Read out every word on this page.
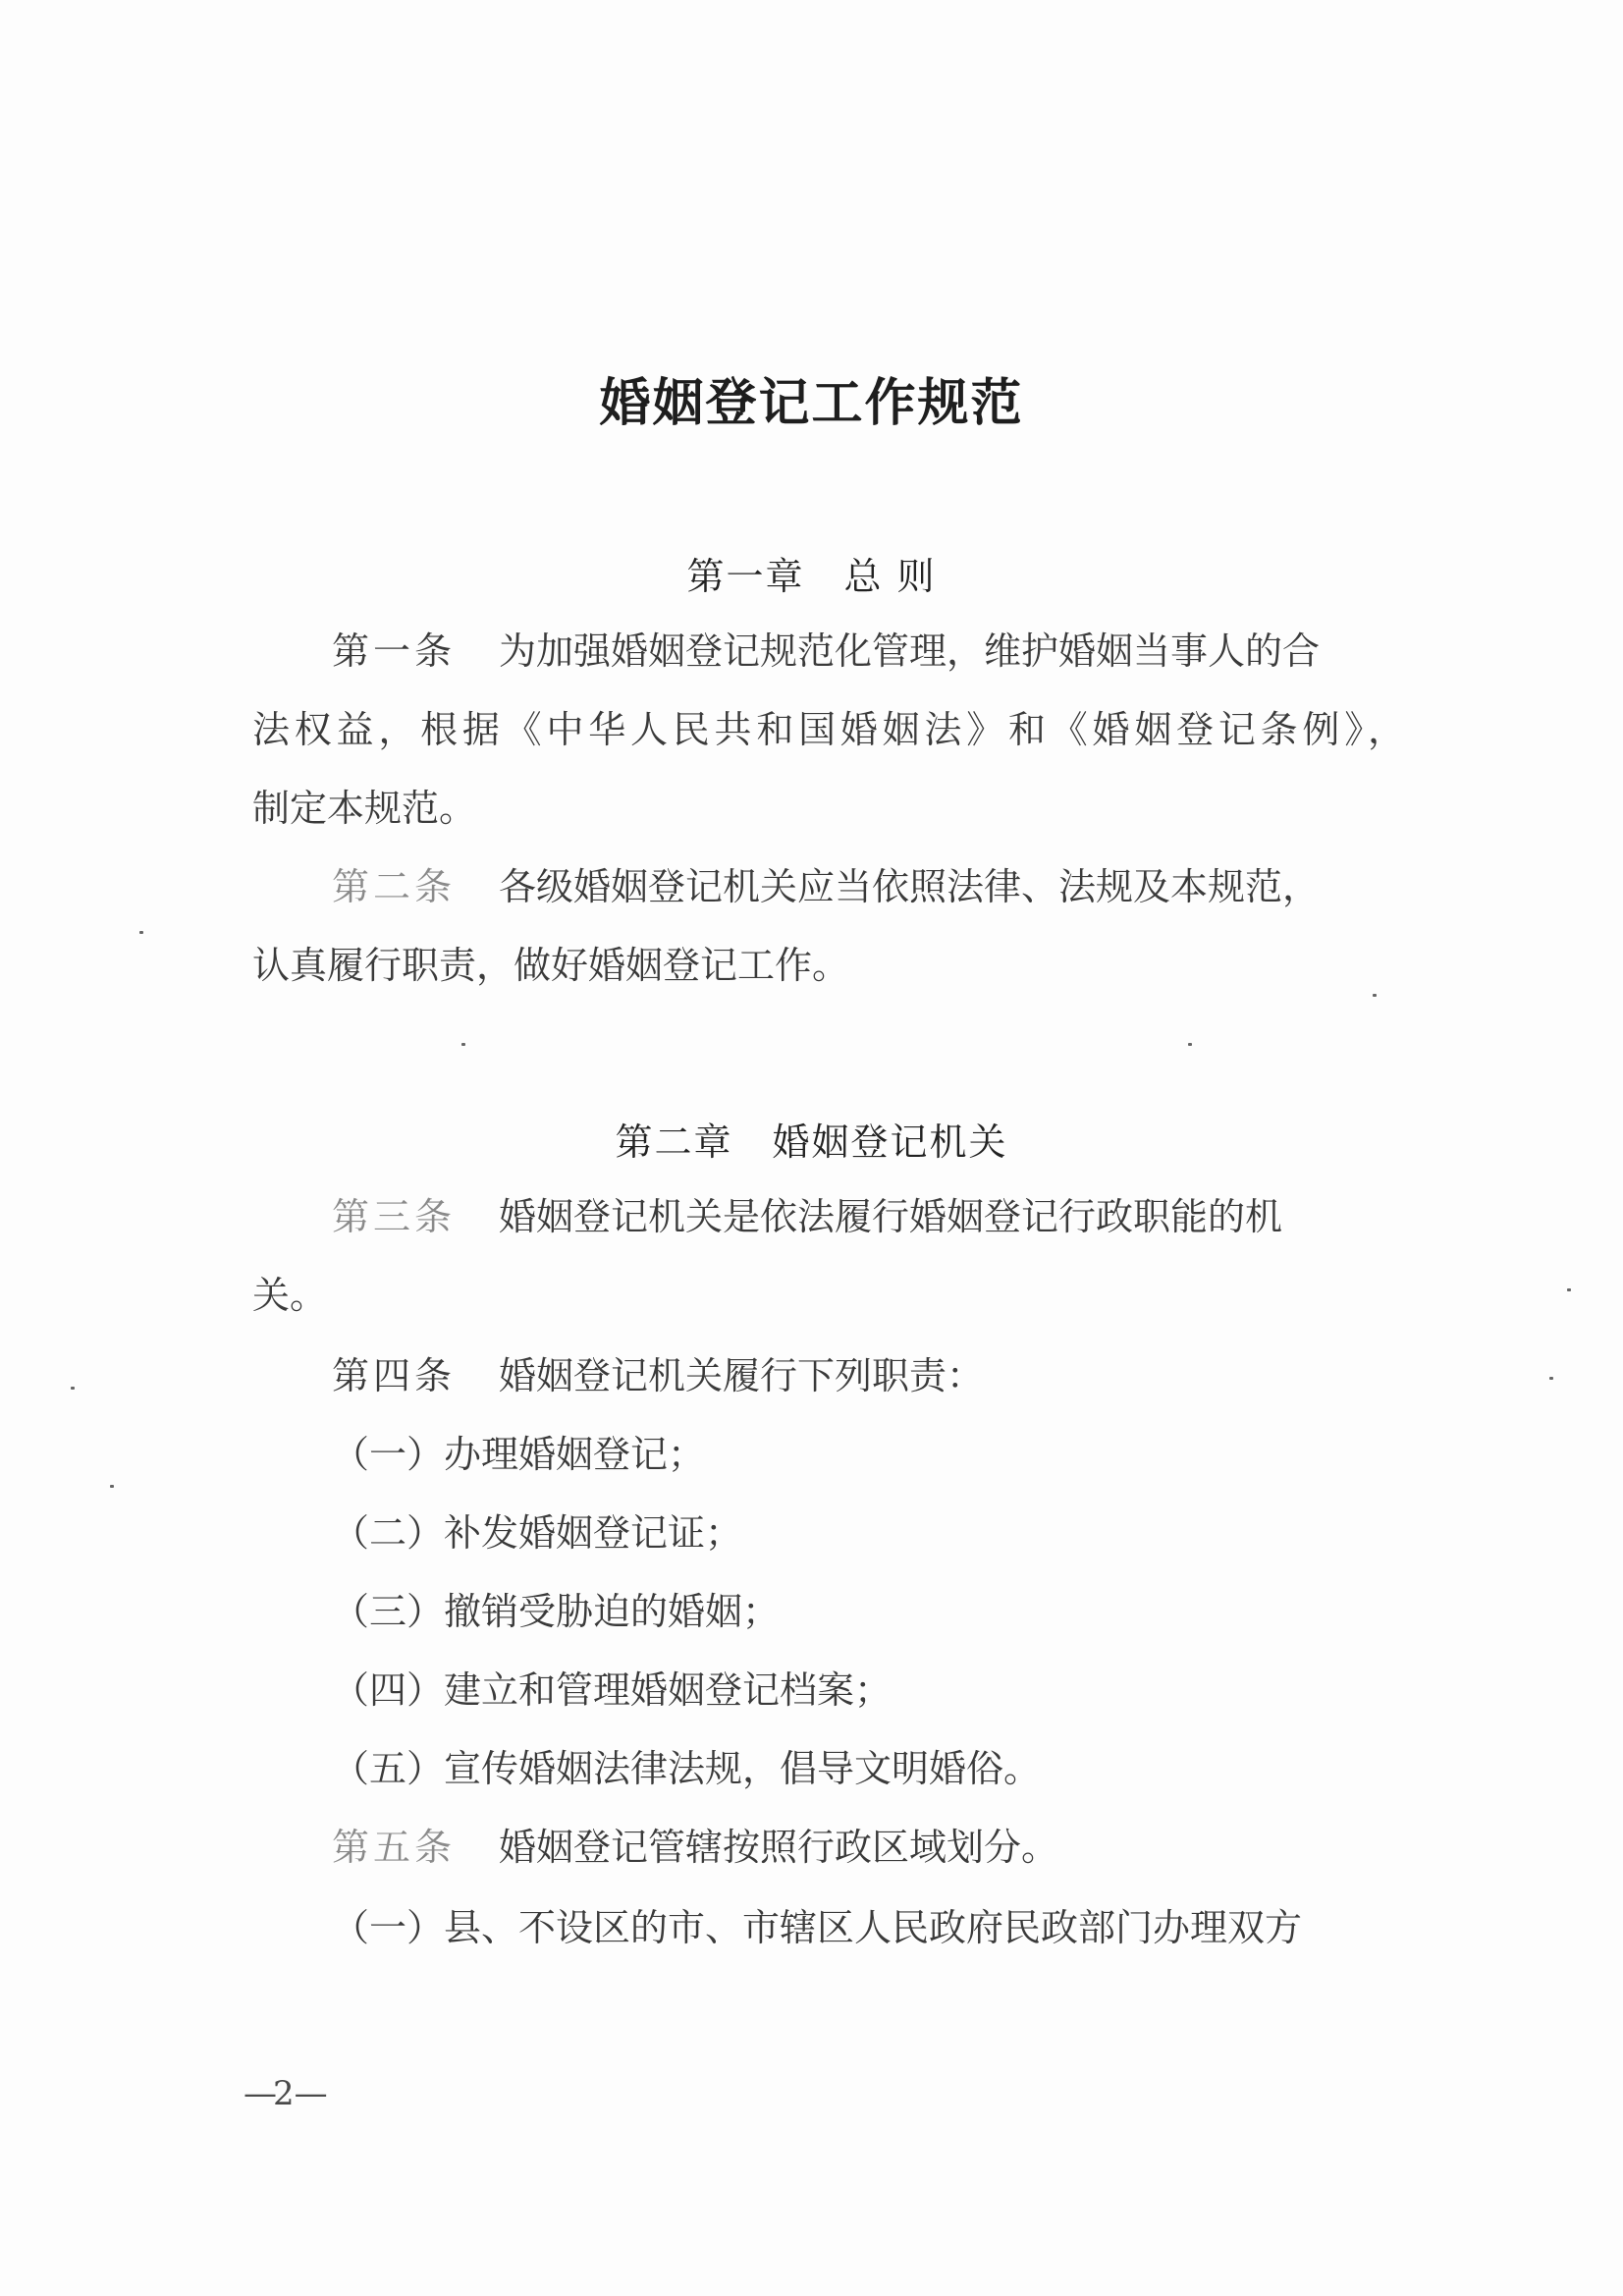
婚姻登记工作规范
第一章 总 则
第一条 为加强婚姻登记规范化管理，维护婚姻当事人的合
法权益，根据《中华人民共和国婚姻法》和《婚姻登记条例》，
制定本规范。
第二条 各级婚姻登记机关应当依照法律、法规及本规范，
认真履行职责，做好婚姻登记工作。
第二章 婚姻登记机关
第三条 婚姻登记机关是依法履行婚姻登记行政职能的机
关。
第四条 婚姻登记机关履行下列职责：
（一）办理婚姻登记；
（二）补发婚姻登记证；
（三）撤销受胁迫的婚姻；
（四）建立和管理婚姻登记档案；
（五）宣传婚姻法律法规，倡导文明婚俗。
第五条 婚姻登记管辖按照行政区域划分。
（一）县、不设区的市、市辖区人民政府民政部门办理双方
—2—
